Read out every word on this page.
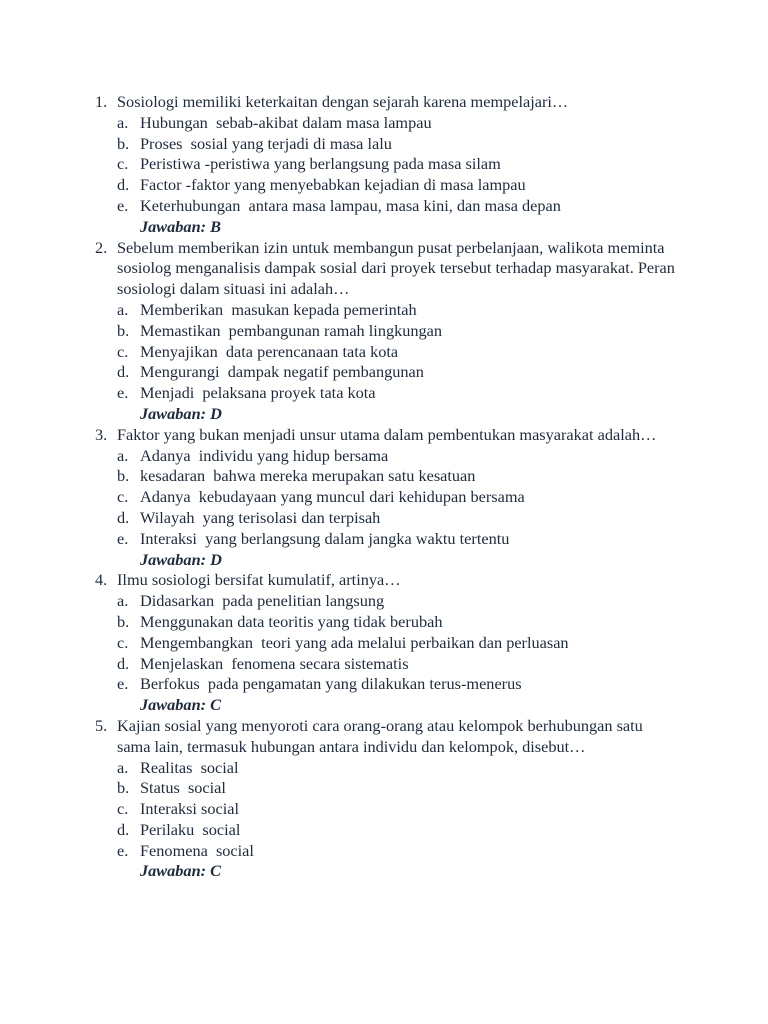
1. Sosiologi memiliki keterkaitan dengan sejarah karena mempelajari…
a. Hubungan  sebab-akibat dalam masa lampau
b. Proses  sosial yang terjadi di masa lalu
c. Peristiwa -peristiwa yang berlangsung pada masa silam
d. Factor -faktor yang menyebabkan kejadian di masa lampau
e. Keterhubungan  antara masa lampau, masa kini, dan masa depan
Jawaban: B
2. Sebelum memberikan izin untuk membangun pusat perbelanjaan, walikota meminta sosiolog menganalisis dampak sosial dari proyek tersebut terhadap masyarakat. Peran sosiologi dalam situasi ini adalah…
a. Memberikan  masukan kepada pemerintah
b. Memastikan  pembangunan ramah lingkungan
c. Menyajikan  data perencanaan tata kota
d. Mengurangi  dampak negatif pembangunan
e. Menjadi  pelaksana proyek tata kota
Jawaban: D
3. Faktor yang bukan menjadi unsur utama dalam pembentukan masyarakat adalah…
a. Adanya  individu yang hidup bersama
b. kesadaran  bahwa mereka merupakan satu kesatuan
c. Adanya  kebudayaan yang muncul dari kehidupan bersama
d. Wilayah  yang terisolasi dan terpisah
e. Interaksi  yang berlangsung dalam jangka waktu tertentu
Jawaban: D
4. Ilmu sosiologi bersifat kumulatif, artinya…
a. Didasarkan  pada penelitian langsung
b. Menggunakan data teoritis yang tidak berubah
c. Mengembangkan  teori yang ada melalui perbaikan dan perluasan
d. Menjelaskan  fenomena secara sistematis
e. Berfokus  pada pengamatan yang dilakukan terus-menerus
Jawaban: C
5. Kajian sosial yang menyoroti cara orang-orang atau kelompok berhubungan satu sama lain, termasuk hubungan antara individu dan kelompok, disebut…
a. Realitas  social
b. Status  social
c. Interaksi social
d. Perilaku  social
e. Fenomena  social
Jawaban: C
